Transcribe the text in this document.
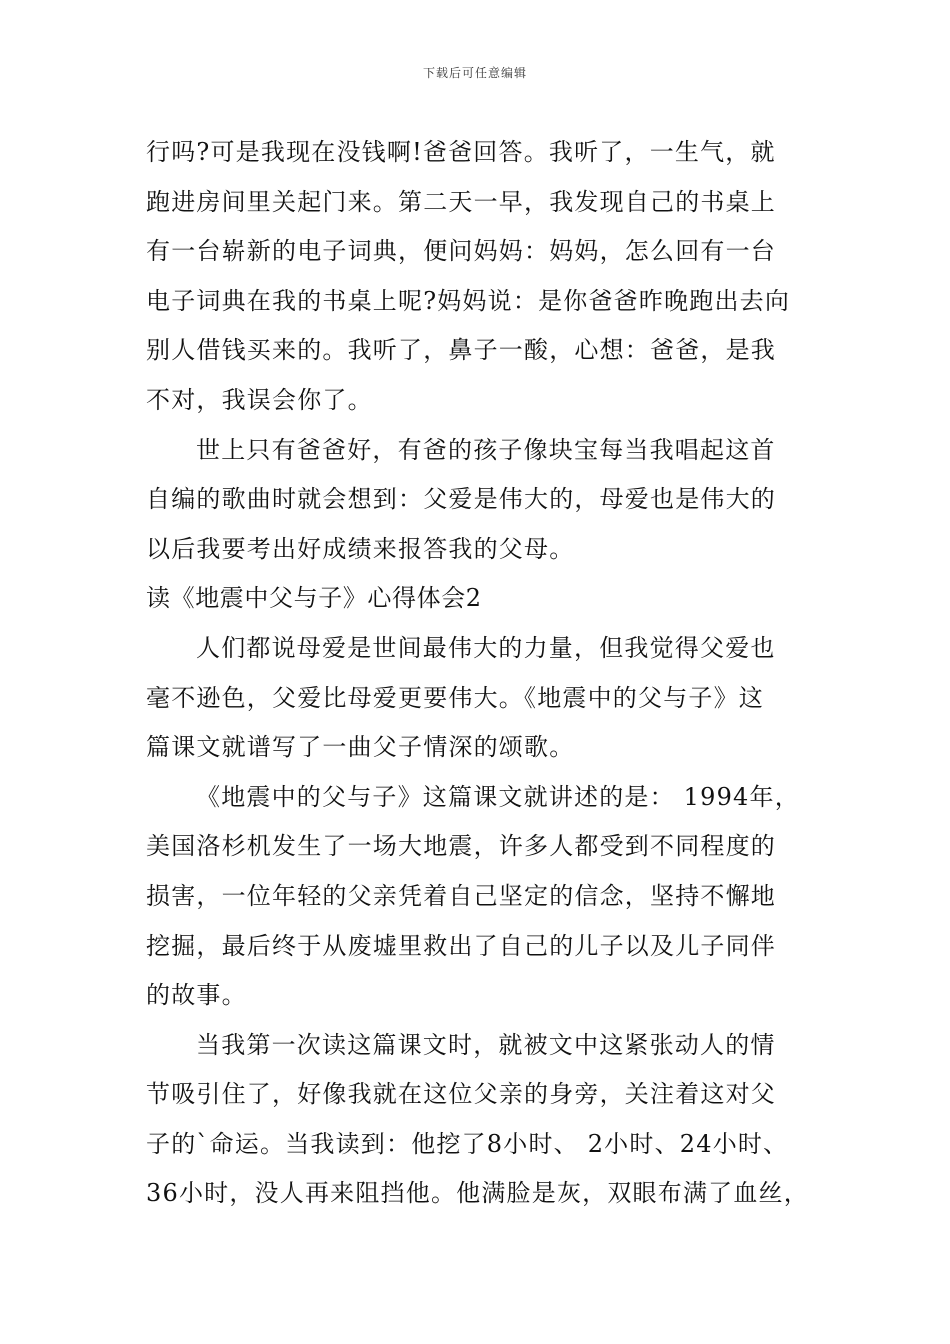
下载后可任意编辑
行吗?可是我现在没钱啊!爸爸回答。我听了，一生气，就
跑进房间里关起门来。第二天一早，我发现自己的书桌上
有一台崭新的电子词典，便问妈妈：妈妈，怎么回有一台
电子词典在我的书桌上呢?妈妈说：是你爸爸昨晚跑出去向
别人借钱买来的。我听了，鼻子一酸，心想：爸爸，是我
不对，我误会你了。
世上只有爸爸好，有爸的孩子像块宝每当我唱起这首
自编的歌曲时就会想到：父爱是伟大的，母爱也是伟大的
以后我要考出好成绩来报答我的父母。
读《地震中父与子》心得体会2
人们都说母爱是世间最伟大的力量，但我觉得父爱也
毫不逊色，父爱比母爱更要伟大。《地震中的父与子》这
篇课文就谱写了一曲父子情深的颂歌。
《地震中的父与子》这篇课文就讲述的是： 1994年，
美国洛杉机发生了一场大地震，许多人都受到不同程度的
损害，一位年轻的父亲凭着自己坚定的信念，坚持不懈地
挖掘，最后终于从废墟里救出了自己的儿子以及儿子同伴
的故事。
当我第一次读这篇课文时，就被文中这紧张动人的情
节吸引住了，好像我就在这位父亲的身旁，关注着这对父
子的`命运。当我读到：他挖了8小时、 2小时、24小时、
36小时，没人再来阻挡他。他满脸是灰，双眼布满了血丝，
